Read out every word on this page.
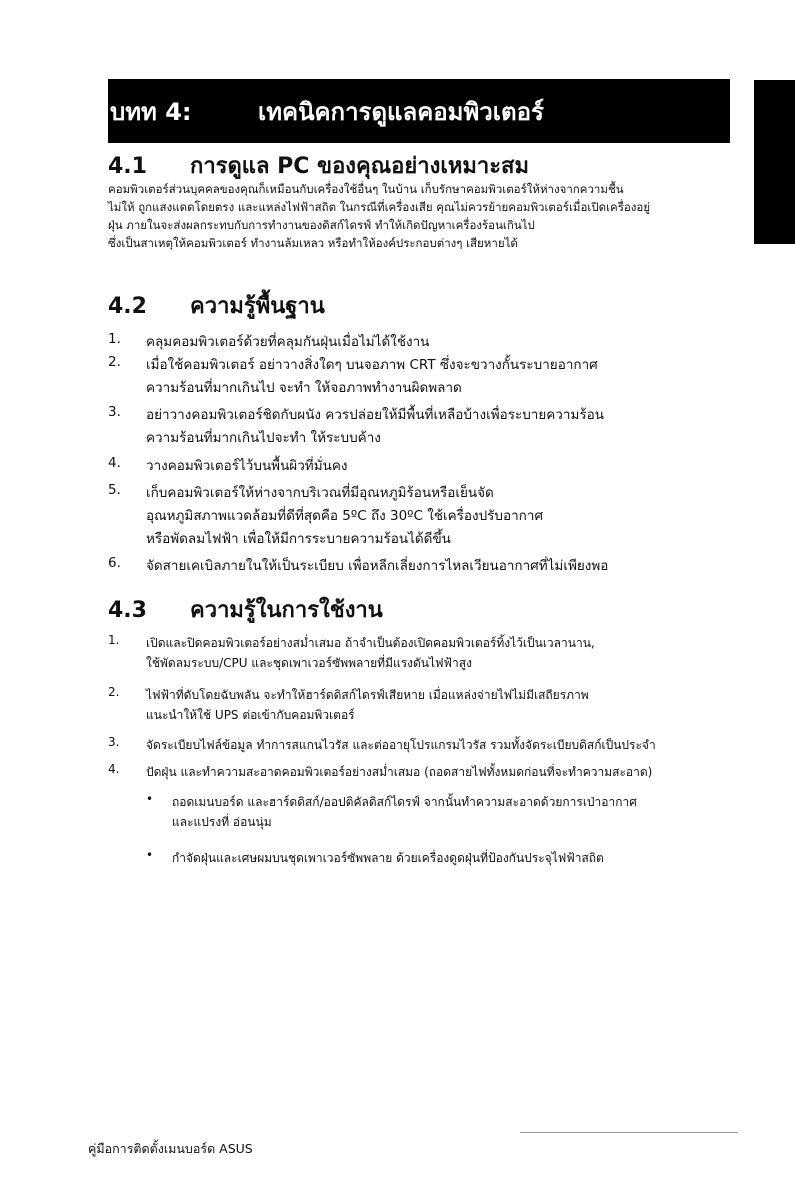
บทท 4:	เทคนิคการดูแลคอมพิวเตอร์
4.1	การดูแล PC ของคุณอย่างเหมาะสม
คอมพิวเตอร์ส่วนบุคคลของคุณก็เหมือนกับเครื่องใช้อื่นๆ ในบ้าน เก็บรักษาคอมพิวเตอร์ให้ห่างจากความชื้น
ไม่ให้ ถูกแสงแดดโดยตรง และแหล่งไฟฟ้าสถิต ในกรณีที่เครื่องเสีย คุณไม่ควรย้ายคอมพิวเตอร์เมื่อเปิดเครื่องอยู่
ฝุ่น ภายในจะส่งผลกระทบกับการทำงานของดิสก์ไดรฟ์ ทำให้เกิดปัญหาเครื่องร้อนเกินไป
ซึ่งเป็นสาเหตุให้คอมพิวเตอร์ ทำงานล้มเหลว หรือทำให้องค์ประกอบต่างๆ เสียหายได้
4.2	ความรู้พื้นฐาน
1. คลุมคอมพิวเตอร์ด้วยที่คลุมกันฝุ่นเมื่อไม่ได้ใช้งาน
2. เมื่อใช้คอมพิวเตอร์ อย่าวางสิ่งใดๆ บนจอภาพ CRT ซึ่งจะขวางกั้นระบายอากาศ
ความร้อนที่มากเกินไป จะทำ ให้จอภาพทำงานผิดพลาด
3. อย่าวางคอมพิวเตอร์ชิดกับผนัง ควรปล่อยให้มีพื้นที่เหลือบ้างเพื่อระบายความร้อน
ความร้อนที่มากเกินไปจะทำ ให้ระบบค้าง
4. วางคอมพิวเตอร์ไว้บนพื้นผิวที่มั่นคง
5. เก็บคอมพิวเตอร์ให้ห่างจากบริเวณที่มีอุณหภูมิร้อนหรือเย็นจัด
อุณหภูมิสภาพแวดล้อมที่ดีที่สุดคือ 5ºC ถึง 30ºC ใช้เครื่องปรับอากาศ
หรือพัดลมไฟฟ้า เพื่อให้มีการระบายความร้อนได้ดีขึ้น
6. จัดสายเคเบิลภายในให้เป็นระเบียบ เพื่อหลีกเลี่ยงการไหลเวียนอากาศที่ไม่เพียงพอ
4.3	ความรู้ในการใช้งาน
1. เปิดและปิดคอมพิวเตอร์อย่างสม่ำเสมอ ถ้าจำเป็นต้องเปิดคอมพิวเตอร์ทิ้งไว้เป็นเวลานาน,
ใช้พัดลมระบบ/CPU และชุดเพาเวอร์ซัพพลายที่มีแรงดันไฟฟ้าสูง
2. ไฟฟ้าที่ดับโดยฉับพลัน จะทำให้ฮาร์ดดิสก์ไดรฟ์เสียหาย เมื่อแหล่งจ่ายไฟไม่มีเสถียรภาพ
แนะนำให้ใช้ UPS ต่อเข้ากับคอมพิวเตอร์
3. จัดระเบียบไฟล์ข้อมูล ทำการสแกนไวรัส และต่ออายุโปรแกรมไวรัส รวมทั้งจัดระเบียบดิสก์เป็นประจำ
4. ปัดฝุ่น และทำความสะอาดคอมพิวเตอร์อย่างสม่ำเสมอ (ถอดสายไฟทั้งหมดก่อนที่จะทำความสะอาด)
• ถอดเมนบอร์ด และฮาร์ดดิสก์/ออปติคัลดิสก์ไดรฟ์ จากนั้นทำความสะอาดด้วยการเป่าอากาศ
และแปรงที่ อ่อนนุ่ม
• กำจัดฝุ่นและเศษผมบนชุดเพาเวอร์ซัพพลาย ด้วยเครื่องดูดฝุ่นที่ป้องกันประจุไฟฟ้าสถิต
คู่มือการติดตั้งเมนบอร์ด ASUS
